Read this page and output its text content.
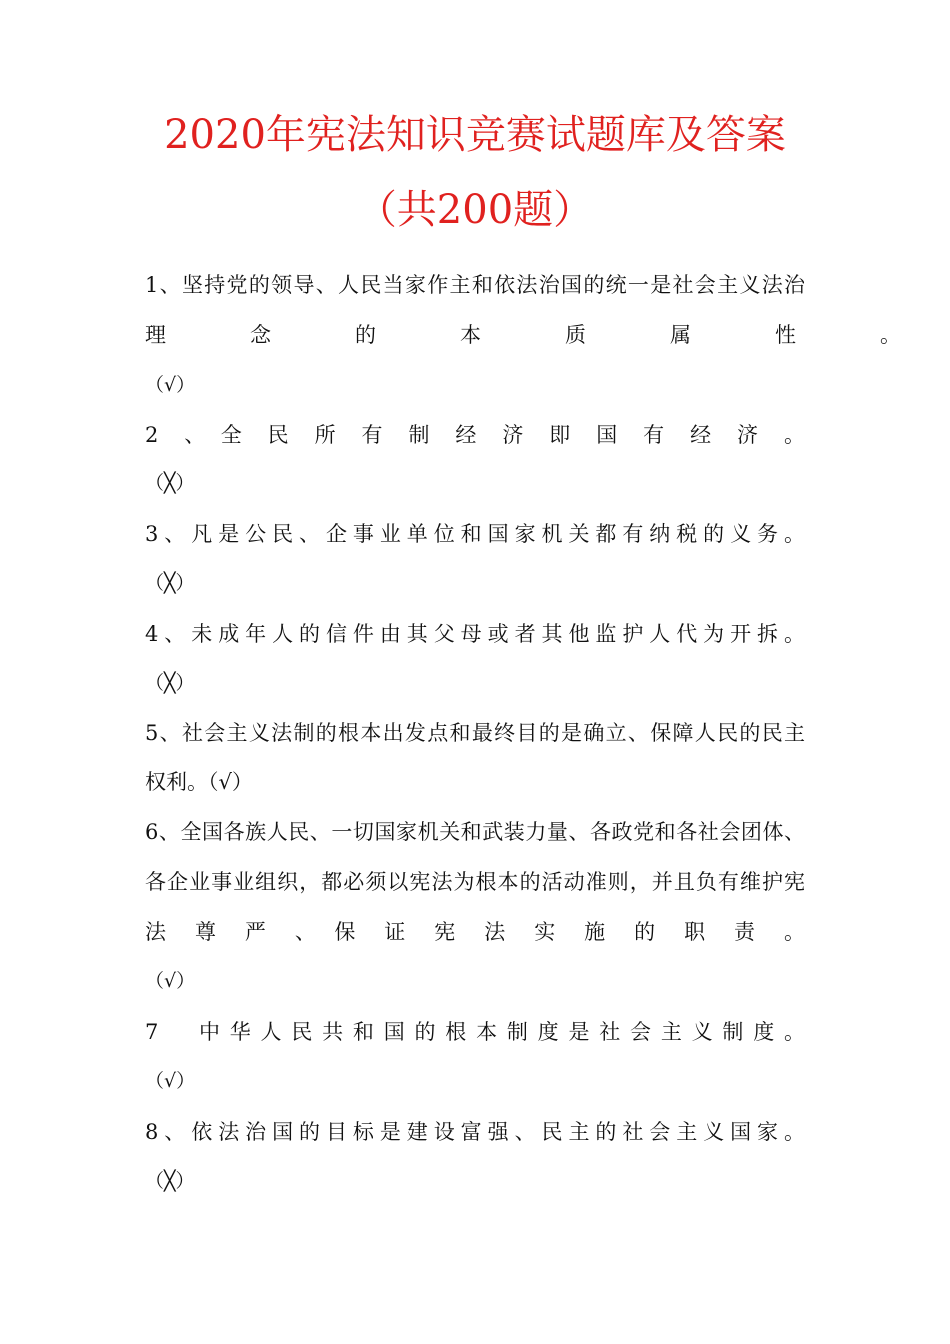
2020年宪法知识竞赛试题库及答案
（共200题）
1、坚持党的领导、人民当家作主和依法治国的统一是社会主义法治
理　　　　念　　　　的　　　　本　　　　质　　　　属　　　　性　　　　。
（√）
2　、　全　民　所　有　制　经　济　即　国　有　经　济　。
（╳）
3、凡是公民、企事业单位和国家机关都有纳税的义务。
（╳）
4、未成年人的信件由其父母或者其他监护人代为开拆。
（╳）
5、社会主义法制的根本出发点和最终目的是确立、保障人民的民主
权利。（√）
6、全国各族人民、一切国家机关和武装力量、各政党和各社会团体、
各企业事业组织，都必须以宪法为根本的活动准则，并且负有维护宪
法　尊　严　、　保　证　宪　法　实　施　的　职　责　。
（√）
7　中华人民共和国的根本制度是社会主义制度。
（√）
8、依法治国的目标是建设富强、民主的社会主义国家。
（╳）
